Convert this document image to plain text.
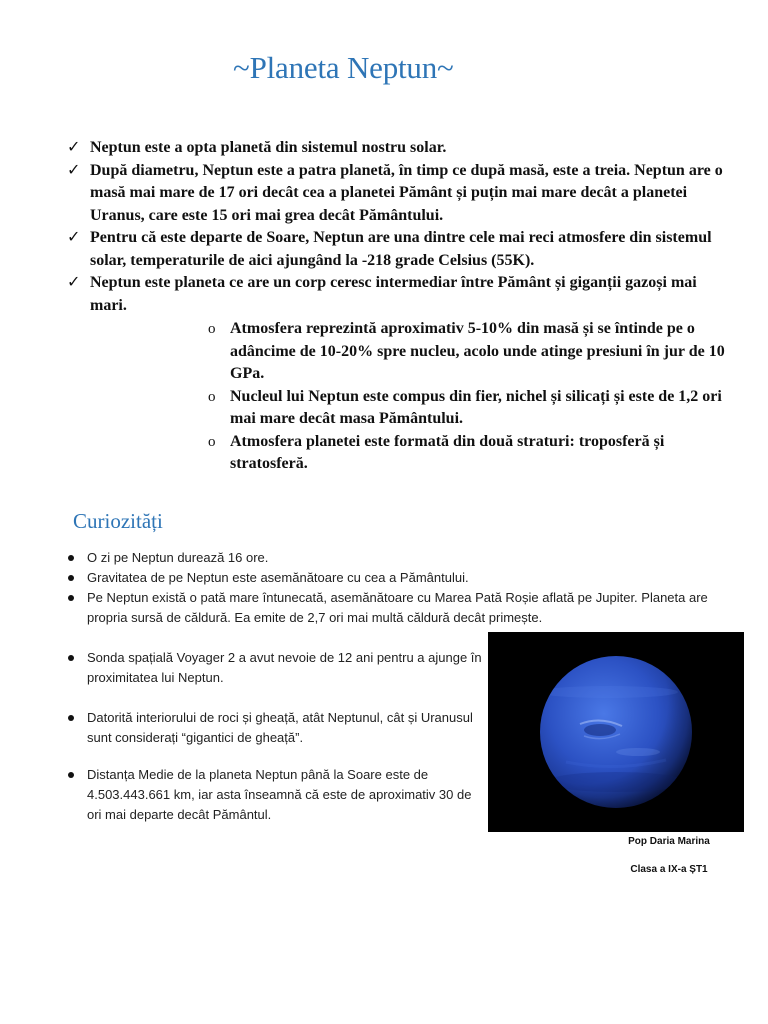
~Planeta Neptun~
✓ Neptun este a opta planetă din sistemul nostru solar.
✓ După diametru, Neptun este a patra planetă, în timp ce după masă, este a treia. Neptun are o masă mai mare de 17 ori decât cea a planetei Pământ și puțin mai mare decât a planetei Uranus, care este 15 ori mai grea decât Pământului.
✓ Pentru că este departe de Soare, Neptun are una dintre cele mai reci atmosfere din sistemul solar, temperaturile de aici ajungând la -218 grade Celsius (55K).
✓ Neptun este planeta ce are un corp ceresc intermediar între Pământ și giganții gazoși mai mari.
o Atmosfera reprezintă aproximativ 5-10% din masă și se întinde pe o adâncime de 10-20% spre nucleu, acolo unde atinge presiuni în jur de 10 GPa.
o Nucleul lui Neptun este compus din fier, nichel și silicați și este de 1,2 ori mai mare decât masa Pământului.
o Atmosfera planetei este formată din două straturi: troposferă și stratosferă.
Curiozități
O zi pe Neptun durează 16 ore.
Gravitatea de pe Neptun este asemănătoare cu cea a Pământului.
Pe Neptun există o pată mare întunecată, asemănătoare cu Marea Pată Roșie aflată pe Jupiter. Planeta are propria sursă de căldură. Ea emite de 2,7 ori mai multă căldură decât primește.
Sonda spațială Voyager 2 a avut nevoie de 12 ani pentru a ajunge în proximitatea lui Neptun.
Datorită interiorului de roci și gheață, atât Neptunul, cât și Uranusul sunt considerați “gigantici de gheață”.
Distanța Medie de la planeta Neptun până la Soare este de 4.503.443.661 km, iar asta înseamnă că este de aproximativ 30 de ori mai departe decât Pământul.
Pop Daria Marina
Clasa a IX-a ȘT1
